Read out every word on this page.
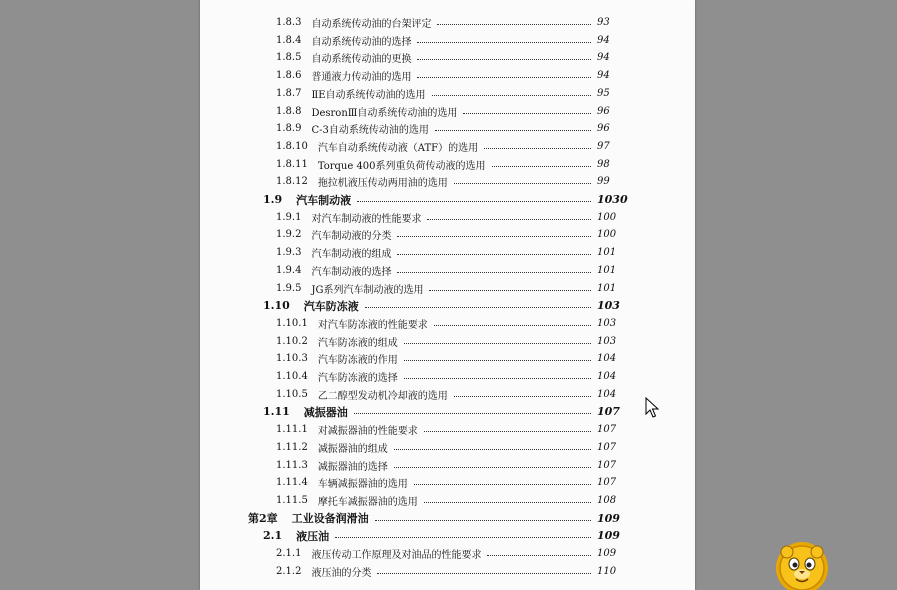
1.8.3 自动系统传动油的台架评定	93
1.8.4 自动系统传动油的选择	94
1.8.5 自动系统传动油的更换	94
1.8.6 普通液力传动油的选用	94
1.8.7 ⅡE自动系统传动油的选用	95
1.8.8 DesronⅢ自动系统传动油的选用	96
1.8.9 C-3自动系统传动油的选用	96
1.8.10 汽车自动系统传动液（ATF）的选用	97
1.8.11 Torque 400系列重负荷传动液的选用	98
1.8.12 拖拉机液压传动两用油的选用	99
1.9 汽车制动液	1030
1.9.1 对汽车制动液的性能要求	100
1.9.2 汽车制动液的分类	100
1.9.3 汽车制动液的组成	101
1.9.4 汽车制动液的选择	101
1.9.5 JG系列汽车制动液的选用	101
1.10 汽车防冻液	103
1.10.1 对汽车防冻液的性能要求	103
1.10.2 汽车防冻液的组成	103
1.10.3 汽车防冻液的作用	104
1.10.4 汽车防冻液的选择	104
1.10.5 乙二醇型发动机冷却液的选用	104
1.11 减振器油	107
1.11.1 对减振器油的性能要求	107
1.11.2 减振器油的组成	107
1.11.3 减振器油的选择	107
1.11.4 车辆减振器油的选用	107
1.11.5 摩托车减振器油的选用	108
第2章 工业设备润滑油	109
2.1 液压油	109
2.1.1 液压传动工作原理及对油品的性能要求	109
2.1.2 液压油的分类	110
